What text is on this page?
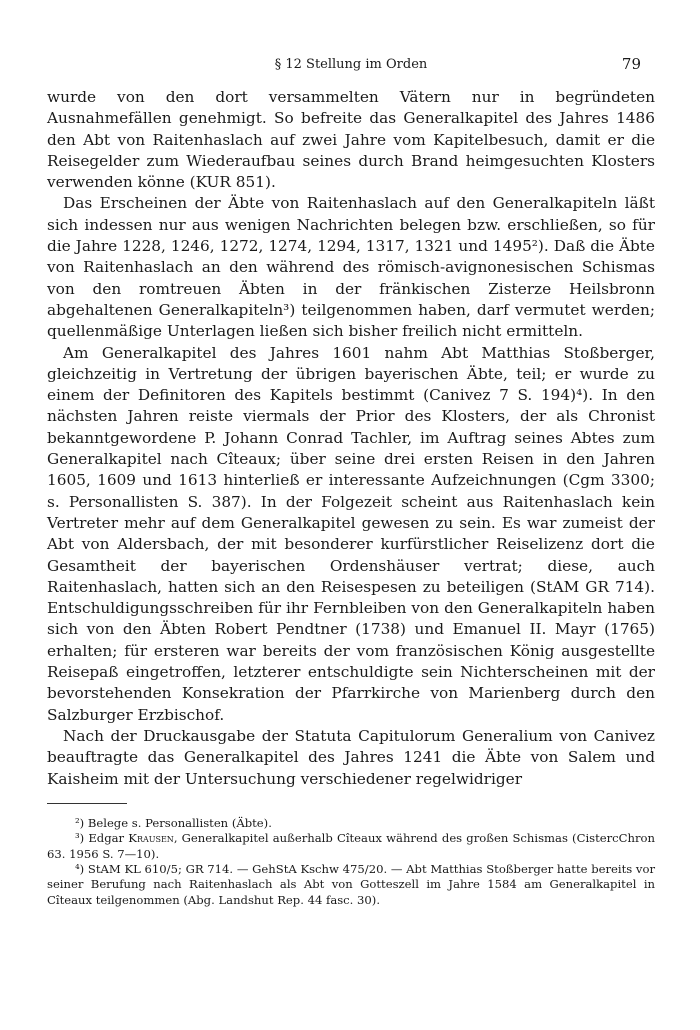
§ 12 Stellung im Orden	79

wurde von den dort versammelten Vätern nur in begründeten Ausnahmefällen genehmigt. So befreite das Generalkapitel des Jahres 1486 den Abt von Raitenhaslach auf zwei Jahre vom Kapitelbesuch, damit er die Reisegelder zum Wiederaufbau seines durch Brand heimgesuchten Klosters verwenden könne (KUR 851).

Das Erscheinen der Äbte von Raitenhaslach auf den Generalkapiteln läßt sich indessen nur aus wenigen Nachrichten belegen bzw. erschließen, so für die Jahre 1228, 1246, 1272, 1274, 1294, 1317, 1321 und 1495²). Daß die Äbte von Raitenhaslach an den während des römisch-avignonesischen Schismas von den romtreuen Äbten in der fränkischen Zisterze Heilsbronn abgehaltenen Generalkapiteln³) teilgenommen haben, darf vermutet werden; quellenmäßige Unterlagen ließen sich bisher freilich nicht ermitteln.

Am Generalkapitel des Jahres 1601 nahm Abt Matthias Stoßberger, gleichzeitig in Vertretung der übrigen bayerischen Äbte, teil; er wurde zu einem der Definitoren des Kapitels bestimmt (Canivez 7 S. 194)⁴). In den nächsten Jahren reiste viermals der Prior des Klosters, der als Chronist bekanntgewordene P. Johann Conrad Tachler, im Auftrag seines Abtes zum Generalkapitel nach Cîteaux; über seine drei ersten Reisen in den Jahren 1605, 1609 und 1613 hinterließ er interessante Aufzeichnungen (Cgm 3300; s. Personallisten S. 387). In der Folgezeit scheint aus Raitenhaslach kein Vertreter mehr auf dem Generalkapitel gewesen zu sein. Es war zumeist der Abt von Aldersbach, der mit besonderer kurfürstlicher Reiselizenz dort die Gesamtheit der bayerischen Ordenshäuser vertrat; diese, auch Raitenhaslach, hatten sich an den Reisespesen zu beteiligen (StAM GR 714). Entschuldigungsschreiben für ihr Fernbleiben von den Generalkapiteln haben sich von den Äbten Robert Pendtner (1738) und Emanuel II. Mayr (1765) erhalten; für ersteren war bereits der vom französischen König ausgestellte Reisepaß eingetroffen, letzterer entschuldigte sein Nichterscheinen mit der bevorstehenden Konsekration der Pfarrkirche von Marienberg durch den Salzburger Erzbischof.

Nach der Druckausgabe der Statuta Capitulorum Generalium von Canivez beauftragte das Generalkapitel des Jahres 1241 die Äbte von Salem und Kaisheim mit der Untersuchung verschiedener regelwidriger

²) Belege s. Personallisten (Äbte).

³) Edgar Krausen, Generalkapitel außerhalb Cîteaux während des großen Schismas (CistercChron 63. 1956 S. 7—10).

⁴) StAM KL 610/5; GR 714. — GehStA Kschw 475/20. — Abt Matthias Stoßberger hatte bereits vor seiner Berufung nach Raitenhaslach als Abt von Gotteszell im Jahre 1584 am Generalkapitel in Cîteaux teilgenommen (Abg. Landshut Rep. 44 fasc. 30).
